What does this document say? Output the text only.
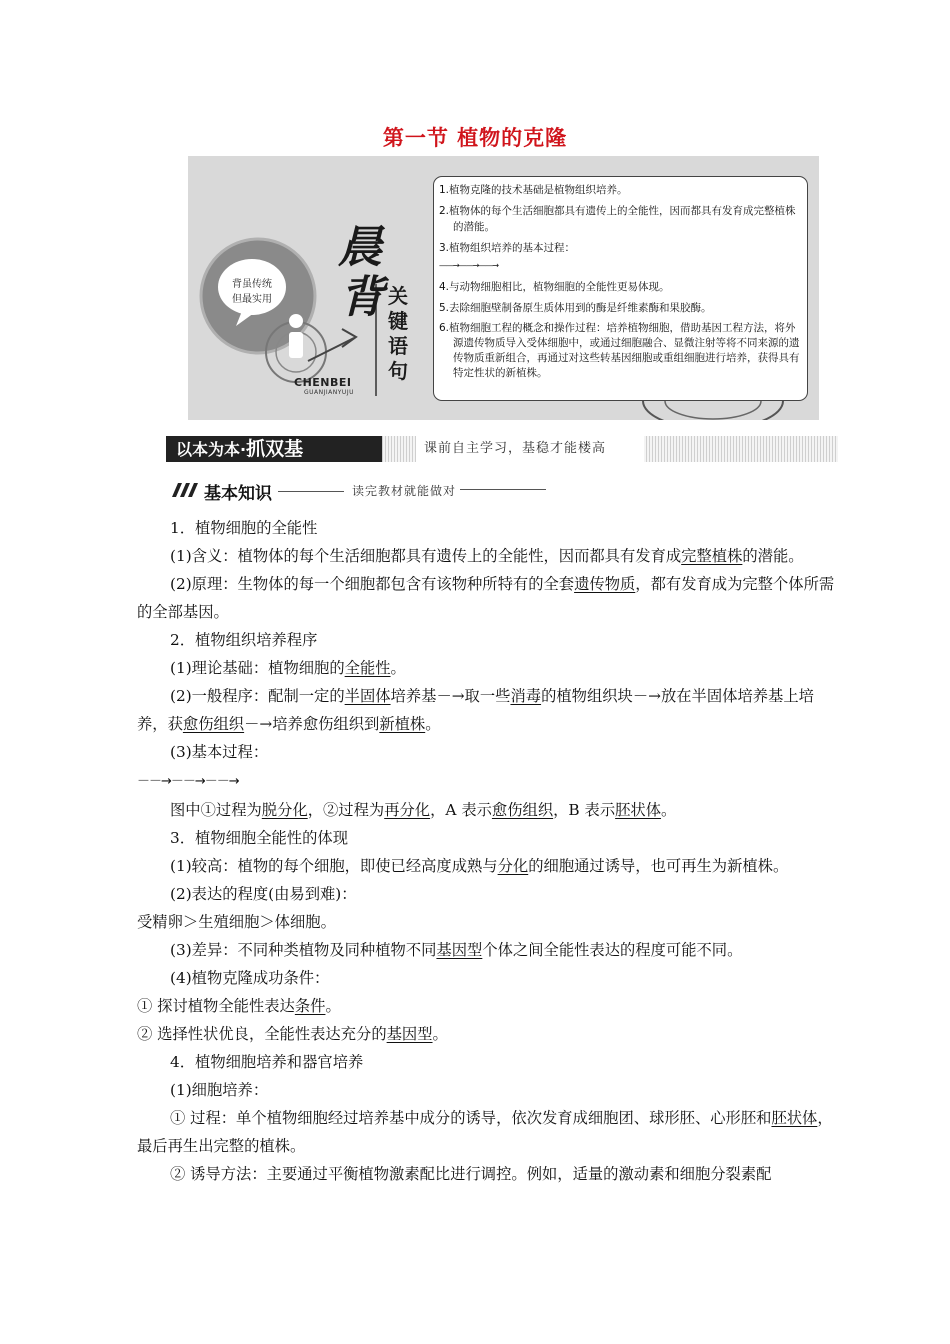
第一节 植物的克隆
背虽传统
但最实用
晨
背 关键语句
CHENBEI
GUANJIANYUJU

1.植物克隆的技术基础是植物组织培养。

2.植物体的每个生活细胞都具有遗传上的全能性，因而都具有发育成完整植株的潜能。

3.植物组织培养的基本过程：

——→——→——→

4.与动物细胞相比，植物细胞的全能性更易体现。

5.去除细胞壁制备原生质体用到的酶是纤维素酶和果胶酶。

6.植物细胞工程的概念和操作过程：培养植物细胞，借助基因工程方法，将外源遗传物质导入受体细胞中，或通过细胞融合、显微注射等将不同来源的遗传物质重新组合，再通过对这些转基因细胞或重组细胞进行培养，获得具有特定性状的新植株。

以本为本·抓双基	课前自主学习，基稳才能楼高
基本知识	读完教材就能做对

1．植物细胞的全能性

(1)含义：植物体的每个生活细胞都具有遗传上的全能性，因而都具有发育成完整植株的潜能。

(2)原理：生物体的每一个细胞都包含有该物种所特有的全套遗传物质，都有发育成为完整个体所需的全部基因。

2．植物组织培养程序

(1)理论基础：植物细胞的全能性。

(2)一般程序：配制一定的半固体培养基－→取一些消毒的植物组织块－→放在半固体培养基上培养，获愈伤组织－→培养愈伤组织到新植株。

(3)基本过程：

－－→－－→－－→

图中①过程为脱分化，②过程为再分化，A 表示愈伤组织，B 表示胚状体。

3．植物细胞全能性的体现

(1)较高：植物的每个细胞，即使已经高度成熟与分化的细胞通过诱导，也可再生为新植株。

(2)表达的程度(由易到难)：

受精卵＞生殖细胞＞体细胞。

(3)差异：不同种类植物及同种植物不同基因型个体之间全能性表达的程度可能不同。

(4)植物克隆成功条件：

① 探讨植物全能性表达条件。

② 选择性状优良，全能性表达充分的基因型。

4．植物细胞培养和器官培养

(1)细胞培养：

① 过程：单个植物细胞经过培养基中成分的诱导，依次发育成细胞团、球形胚、心形胚和胚状体，最后再生出完整的植株。

② 诱导方法：主要通过平衡植物激素配比进行调控。例如，适量的激动素和细胞分裂素配
